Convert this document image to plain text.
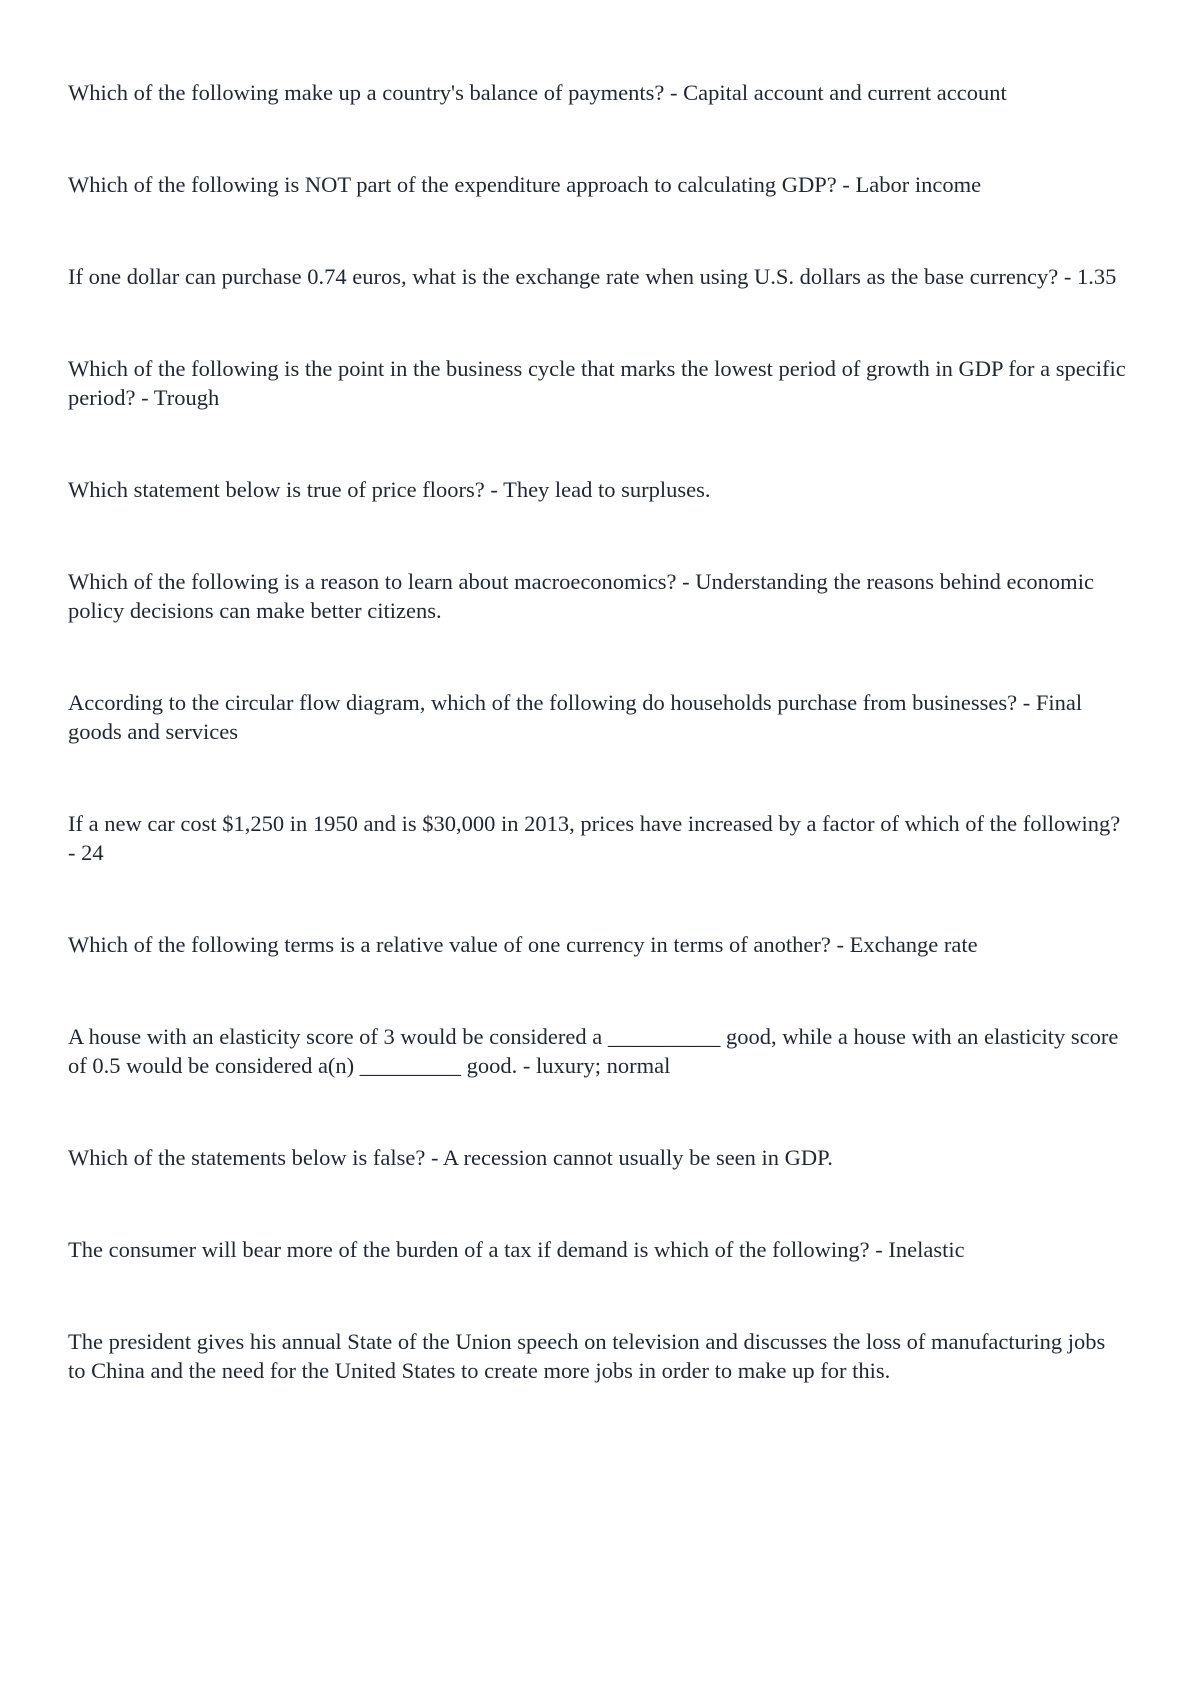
Which of the following make up a country's balance of payments? - Capital account and current account

Which of the following is NOT part of the expenditure approach to calculating GDP? - Labor income

If one dollar can purchase 0.74 euros, what is the exchange rate when using U.S. dollars as the base currency? - 1.35

Which of the following is the point in the business cycle that marks the lowest period of growth in GDP for a specific period? - Trough

Which statement below is true of price floors? - They lead to surpluses.

Which of the following is a reason to learn about macroeconomics? - Understanding the reasons behind economic policy decisions can make better citizens.

According to the circular flow diagram, which of the following do households purchase from businesses? - Final goods and services

If a new car cost $1,250 in 1950 and is $30,000 in 2013, prices have increased by a factor of which of the following? - 24

Which of the following terms is a relative value of one currency in terms of another? - Exchange rate

A house with an elasticity score of 3 would be considered a __________ good, while a house with an elasticity score of 0.5 would be considered a(n) _________ good. - luxury; normal

Which of the statements below is false? - A recession cannot usually be seen in GDP.

The consumer will bear more of the burden of a tax if demand is which of the following? - Inelastic

The president gives his annual State of the Union speech on television and discusses the loss of manufacturing jobs to China and the need for the United States to create more jobs in order to make up for this.
